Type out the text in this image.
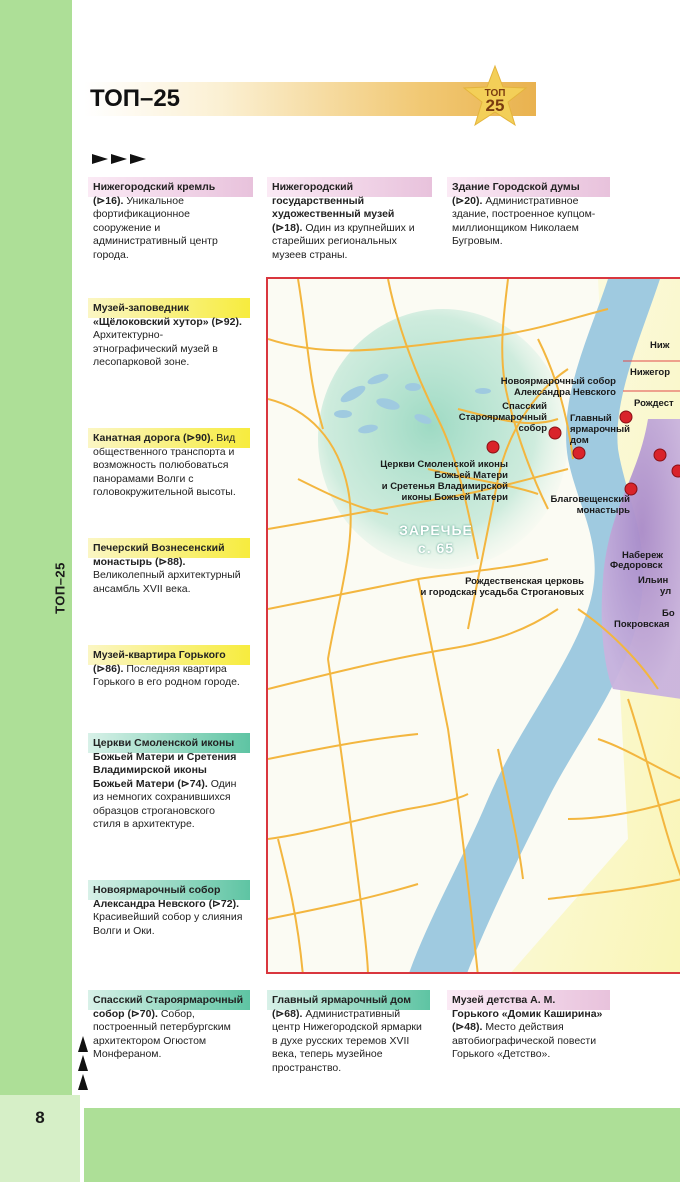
ТОП–25
ТОП–25	ТОП
25
Нижегородский кремль (⊳16). Уникальное фортификационное сооружение и административный центр города.
Нижегородский государственный художественный музей (⊳18). Один из крупнейших и старейших региональных музеев страны.
Здание Городской думы (⊳20). Административное здание, построенное купцом-миллионщиком Николаем Бугровым.
Музей-заповедник «Щёлоковский хутор» (⊳92). Архитектурно-этнографический музей в лесопарковой зоне.
Канатная дорога (⊳90). Вид общественного транспорта и возможность полюбоваться панорамами Волги с головокружительной высоты.
Печерский Вознесенский монастырь (⊳88). Великолепный архитектурный ансамбль XVII века.
Музей-квартира Горького (⊳86). Последняя квартира Горького в его родном городе.
Церкви Смоленской иконы Божьей Матери и Сретения Владимирской иконы Божьей Матери (⊳74). Один из немногих сохранившихся образцов строгановского стиля в архитектуре.
Новоярмарочный собор Александра Невского (⊳72). Красивейший собор у слияния Волги и Оки.
Спасский Староярмарочный собор (⊳70). Собор, построенный петербургским архитектором Огюстом Монфераном.
Главный ярмарочный дом (⊳68). Административный центр Нижегородской ярмарки в духе русских теремов XVII века, теперь музейное пространство.
Музей детства А. М. Горького «Домик Каширина» (⊳48). Место действия автобиографической повести Горького «Детство».
Новоярмарочный собор
Александра Невского
Спасский
Староярмарочный
собор
Главный
ярмарочный
дом
Церкви Смоленской иконы
Божьей Матери
и Сретенья Владимирской
иконы Божьей Матери	Благовещенский
монастырь
Рождественская церковь
и городская усадьба Строгановых
ЗАРЕЧЬЕ
с. 65
Ниж
Нижегор
Рождест
Набереж
Федоровск
Ильин
ул
Бо
Покровская
8
